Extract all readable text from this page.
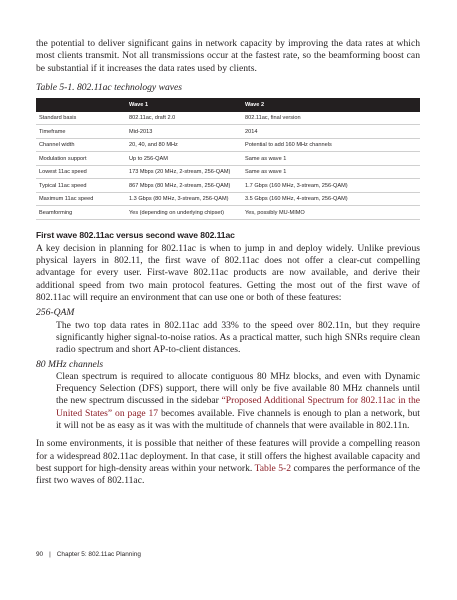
the potential to deliver significant gains in network capacity by improving the data rates at which most clients transmit. Not all transmissions occur at the fastest rate, so the beamforming boost can be substantial if it increases the data rates used by clients.

Table 5-1. 802.11ac technology waves

	Wave 1	Wave 2
Standard basis	802.11ac, draft 2.0	802.11ac, final version
Timeframe	Mid-2013	2014
Channel width	20, 40, and 80 MHz	Potential to add 160 MHz channels
Modulation support	Up to 256-QAM	Same as wave 1
Lowest 11ac speed	173 Mbps (20 MHz, 2-stream, 256-QAM)	Same as wave 1
Typical 11ac speed	867 Mbps (80 MHz, 2-stream, 256-QAM)	1.7 Gbps (160 MHz, 3-stream, 256-QAM)
Maximum 11ac speed	1.3 Gbps (80 MHz, 3-stream, 256-QAM)	3.5 Gbps (160 MHz, 4-stream, 256-QAM)
Beamforming	Yes (depending on underlying chipset)	Yes, possibly MU-MIMO
First wave 802.11ac versus second wave 802.11ac

A key decision in planning for 802.11ac is when to jump in and deploy widely. Unlike previous physical layers in 802.11, the first wave of 802.11ac does not offer a clear-cut compelling advantage for every user. First-wave 802.11ac products are now available, and derive their additional speed from two main protocol features. Getting the most out of the first wave of 802.11ac will require an environment that can use one or both of these features:

256-QAM
The two top data rates in 802.11ac add 33% to the speed over 802.11n, but they require significantly higher signal-to-noise ratios. As a practical matter, such high SNRs require clean radio spectrum and short AP-to-client distances.
80 MHz channels
Clean spectrum is required to allocate contiguous 80 MHz blocks, and even with Dynamic Frequency Selection (DFS) support, there will only be five available 80 MHz channels until the new spectrum discussed in the sidebar “Proposed Additional Spectrum for 802.11ac in the United States” on page 17 becomes available. Five channels is enough to plan a network, but it will not be as easy as it was with the multitude of channels that were available in 802.11n.

In some environments, it is possible that neither of these features will provide a compelling reason for a widespread 802.11ac deployment. In that case, it still offers the highest available capacity and best support for high-density areas within your network. Table 5-2 compares the performance of the first two waves of 802.11ac.

90 | Chapter 5: 802.11ac Planning
